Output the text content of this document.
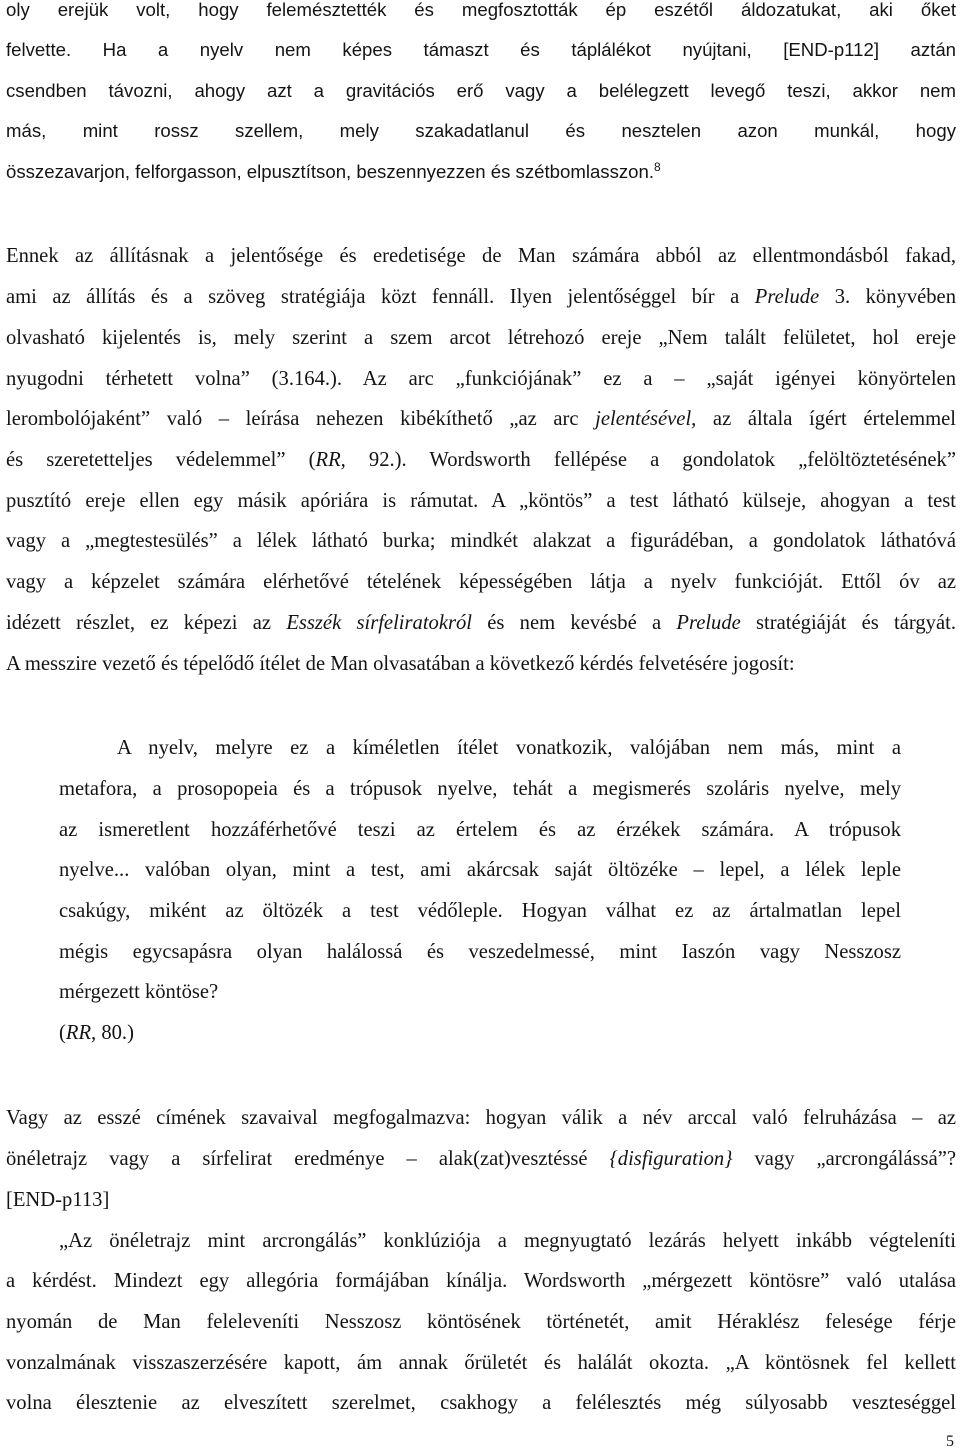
oly erejük volt, hogy felemésztették és megfosztották ép eszétől áldozatukat, aki őket
felvette. Ha a nyelv nem képes támaszt és táplálékot nyújtani, [END-p112] aztán
csendben távozni, ahogy azt a gravitációs erő vagy a belélegzett levegő teszi, akkor nem
más, mint rossz szellem, mely szakadatlanul és nesztelen azon munkál, hogy
összezavarjon, felforgasson, elpusztítson, beszennyezzen és szétbomlasszon.$^8$
Ennek az állításnak a jelentősége és eredetisége de Man számára abból az ellentmondásból fakad,
ami az állítás és a szöveg stratégiája közt fennáll. Ilyen jelentőséggel bír a Prelude 3. könyvében
olvasható kijelentés is, mely szerint a szem arcot létrehozó ereje „Nem talált felületet, hol ereje
nyugodni térhetett volna” (3.164.). Az arc „funkciójának” ez a – „saját igényei könyörtelen
lerombolójaként” való – leírása nehezen kibékíthető „az arc jelentésével, az általa ígért értelemmel
és szeretetteljes védelemmel” (RR, 92.). Wordsworth fellépése a gondolatok „felöltöztetésének”
pusztító ereje ellen egy másik apóriára is rámutat. A „köntös” a test látható külseje, ahogyan a test
vagy a „megtestesülés” a lélek látható burka; mindkét alakzat a figurádéban, a gondolatok láthatóvá
vagy a képzelet számára elérhetővé tételének képességében látja a nyelv funkcióját. Ettől óv az
idézett részlet, ez képezi az Esszék sírfeliratokról és nem kevésbé a Prelude stratégiáját és tárgyát.
A messzire vezető és tépelődő ítélet de Man olvasatában a következő kérdés felvetésére jogosít:
A nyelv, melyre ez a kíméletlen ítélet vonatkozik, valójában nem más, mint a
metafora, a prosopopeia és a trópusok nyelve, tehát a megismerés szoláris nyelve, mely
az ismeretlent hozzáférhetővé teszi az értelem és az érzékek számára. A trópusok
nyelve... valóban olyan, mint a test, ami akárcsak saját öltözéke – lepel, a lélek leple
csakúgy, miként az öltözék a test védőleple. Hogyan válhat ez az ártalmatlan lepel
mégis egycsapásra olyan halálossá és veszedelmessé, mint Iaszón vagy Nesszosz
mérgezett köntöse?
(RR, 80.)
Vagy az esszé címének szavaival megfogalmazva: hogyan válik a név arccal való felruházása – az
önéletrajz vagy a sírfelirat eredménye – alak(zat)vesztéssé {disfiguration} vagy „arcrongálássá”?
[END-p113]
„Az önéletrajz mint arcrongálás” konklúziója a megnyugtató lezárás helyett inkább végteleníti
a kérdést. Mindezt egy allegória formájában kínálja. Wordsworth „mérgezett köntösre” való utalása
nyomán de Man feleleveníti Nesszosz köntösének történetét, amit Héraklész felesége férje
vonzalmának visszaszerzésére kapott, ám annak őrületét és halálát okozta. „A köntösnek fel kellett
volna élesztenie az elveszített szerelmet, csakhogy a felélesztés még súlyosabb veszteséggel
5
